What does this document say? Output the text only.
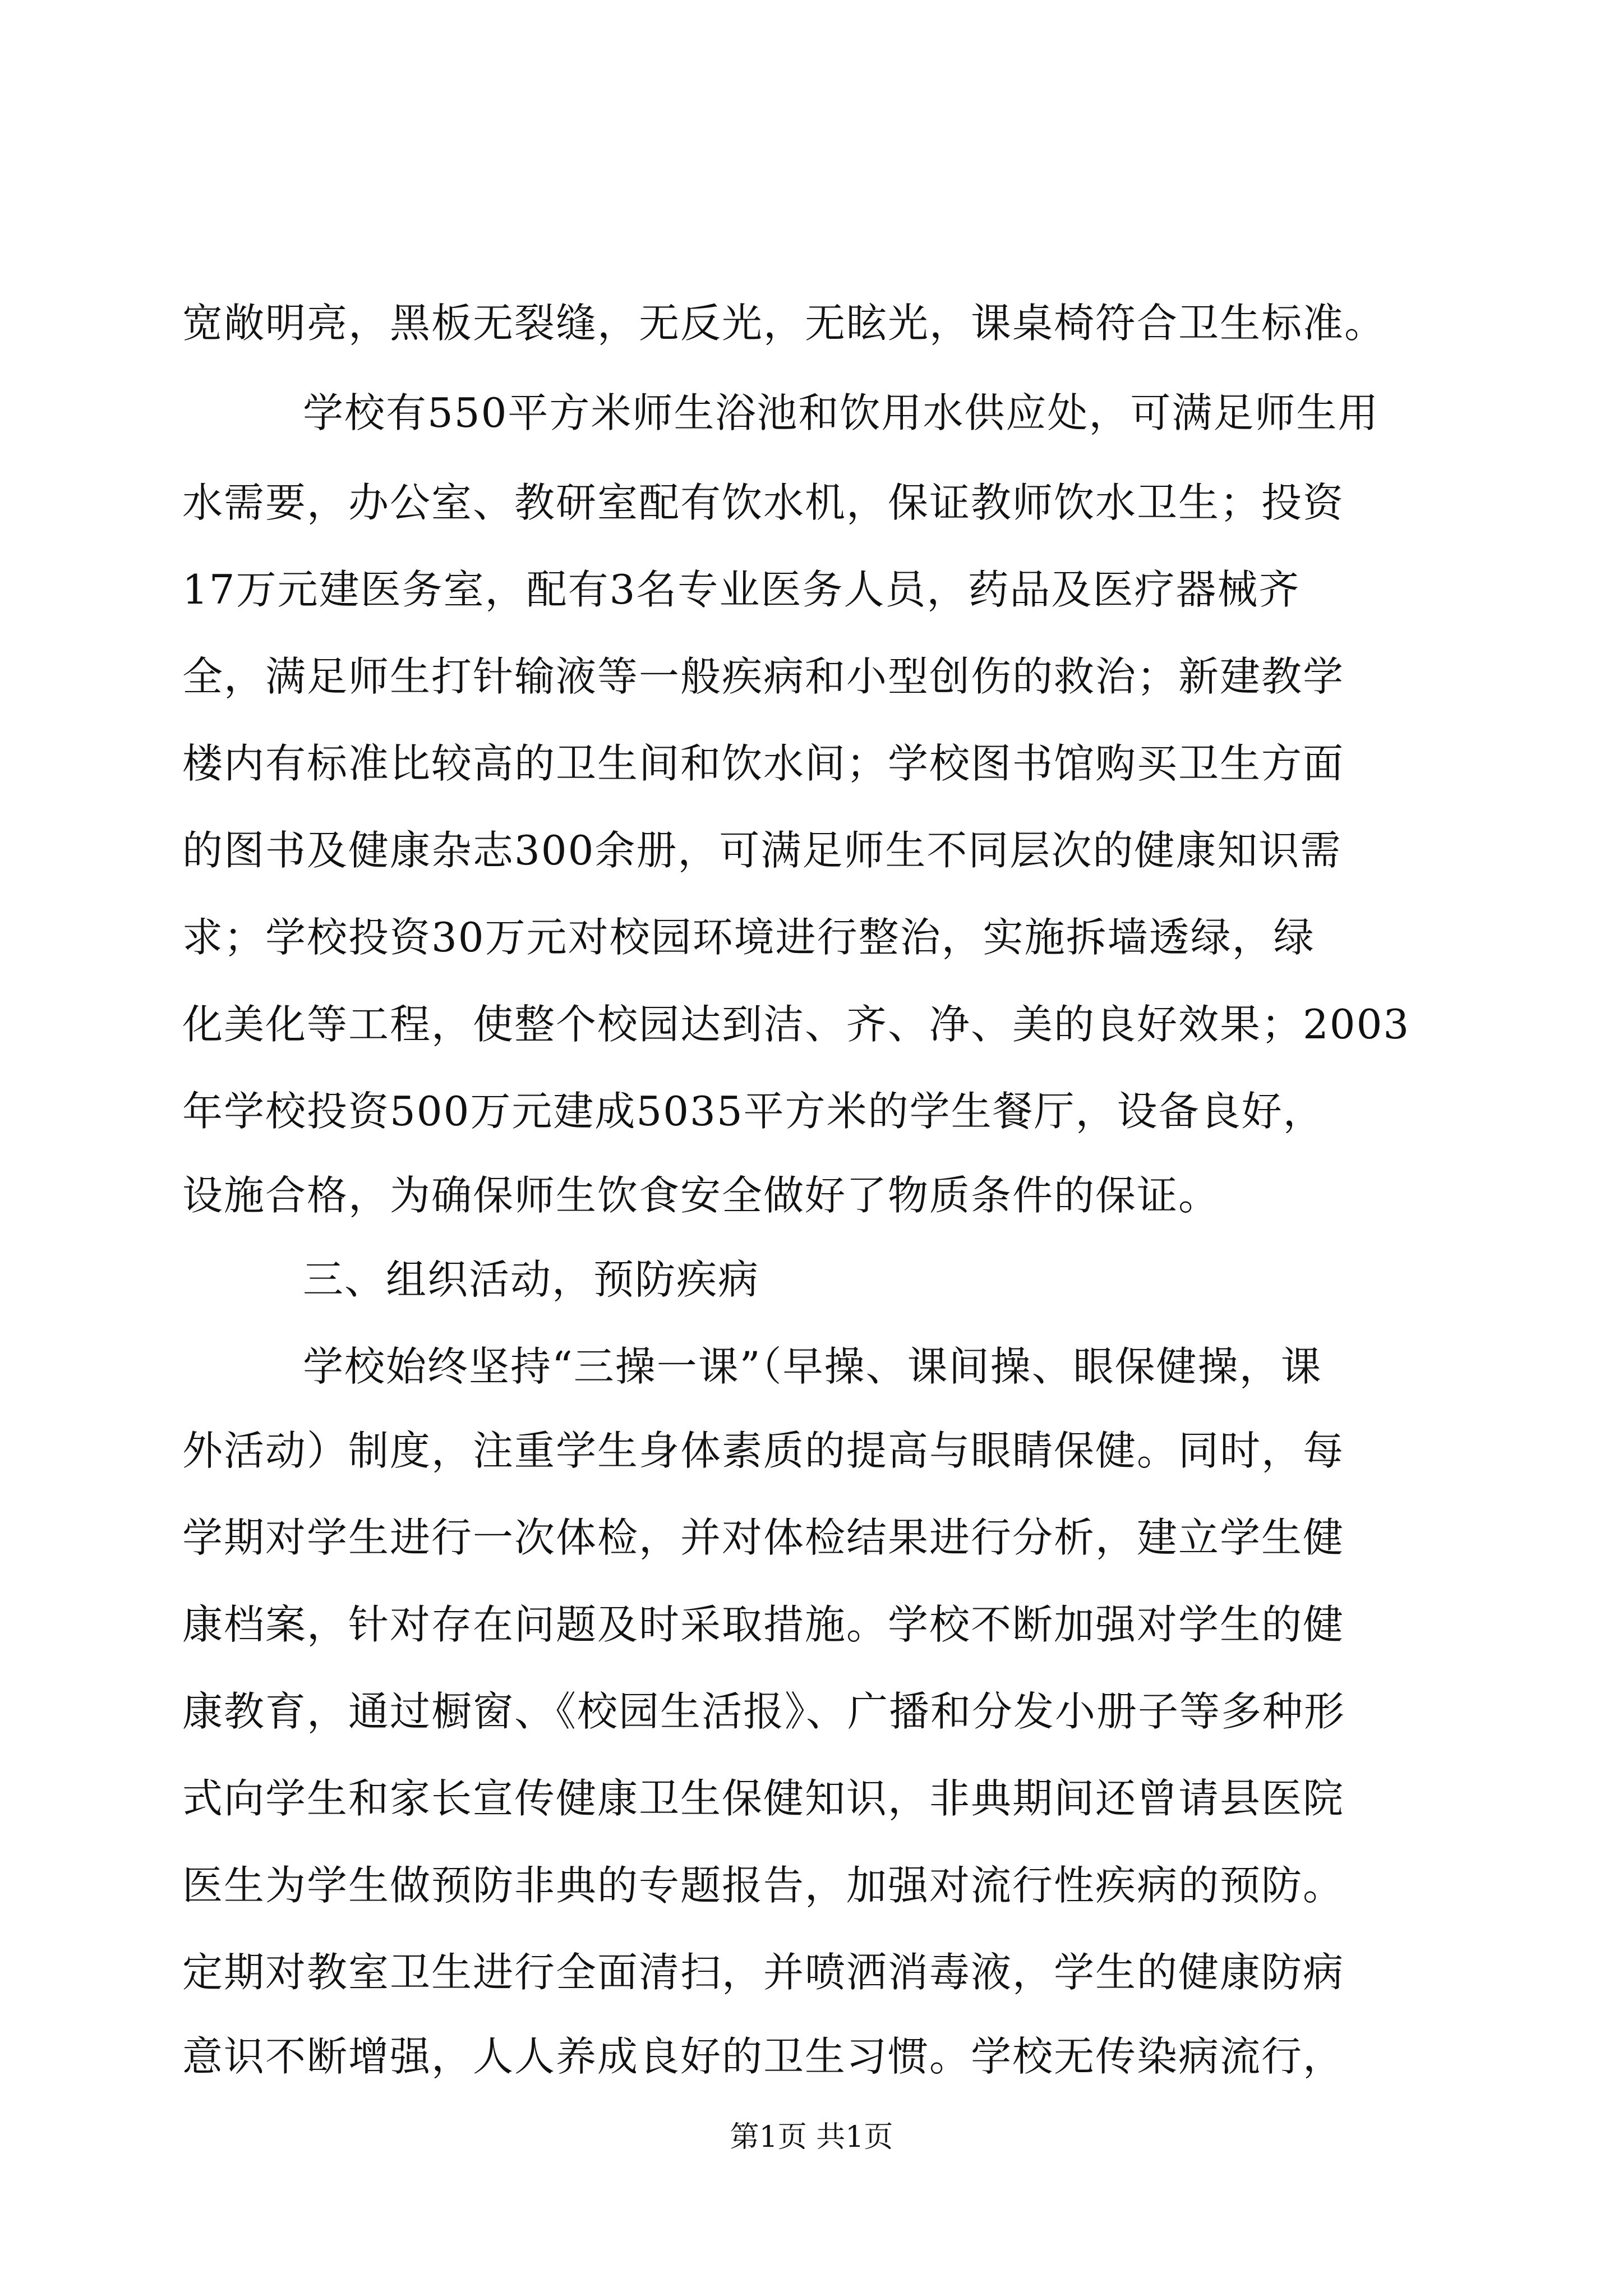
宽敞明亮，黑板无裂缝，无反光，无眩光，课桌椅符合卫生标准。
学校有550平方米师生浴池和饮用水供应处，可满足师生用
水需要，办公室、教研室配有饮水机，保证教师饮水卫生；投资
17万元建医务室，配有3名专业医务人员，药品及医疗器械齐
全，满足师生打针输液等一般疾病和小型创伤的救治；新建教学
楼内有标准比较高的卫生间和饮水间；学校图书馆购买卫生方面
的图书及健康杂志300余册，可满足师生不同层次的健康知识需
求；学校投资30万元对校园环境进行整治，实施拆墙透绿，绿
化美化等工程，使整个校园达到洁、齐、净、美的良好效果；2003
年学校投资500万元建成5035平方米的学生餐厅，设备良好，
设施合格，为确保师生饮食安全做好了物质条件的保证。
三、组织活动，预防疾病
学校始终坚持“三操一课”（早操、课间操、眼保健操，课
外活动）制度，注重学生身体素质的提高与眼睛保健。同时，每
学期对学生进行一次体检，并对体检结果进行分析，建立学生健
康档案，针对存在问题及时采取措施。学校不断加强对学生的健
康教育，通过橱窗、《校园生活报》、广播和分发小册子等多种形
式向学生和家长宣传健康卫生保健知识，非典期间还曾请县医院
医生为学生做预防非典的专题报告，加强对流行性疾病的预防。
定期对教室卫生进行全面清扫，并喷洒消毒液，学生的健康防病
意识不断增强，人人养成良好的卫生习惯。学校无传染病流行，
第1页 共1页
